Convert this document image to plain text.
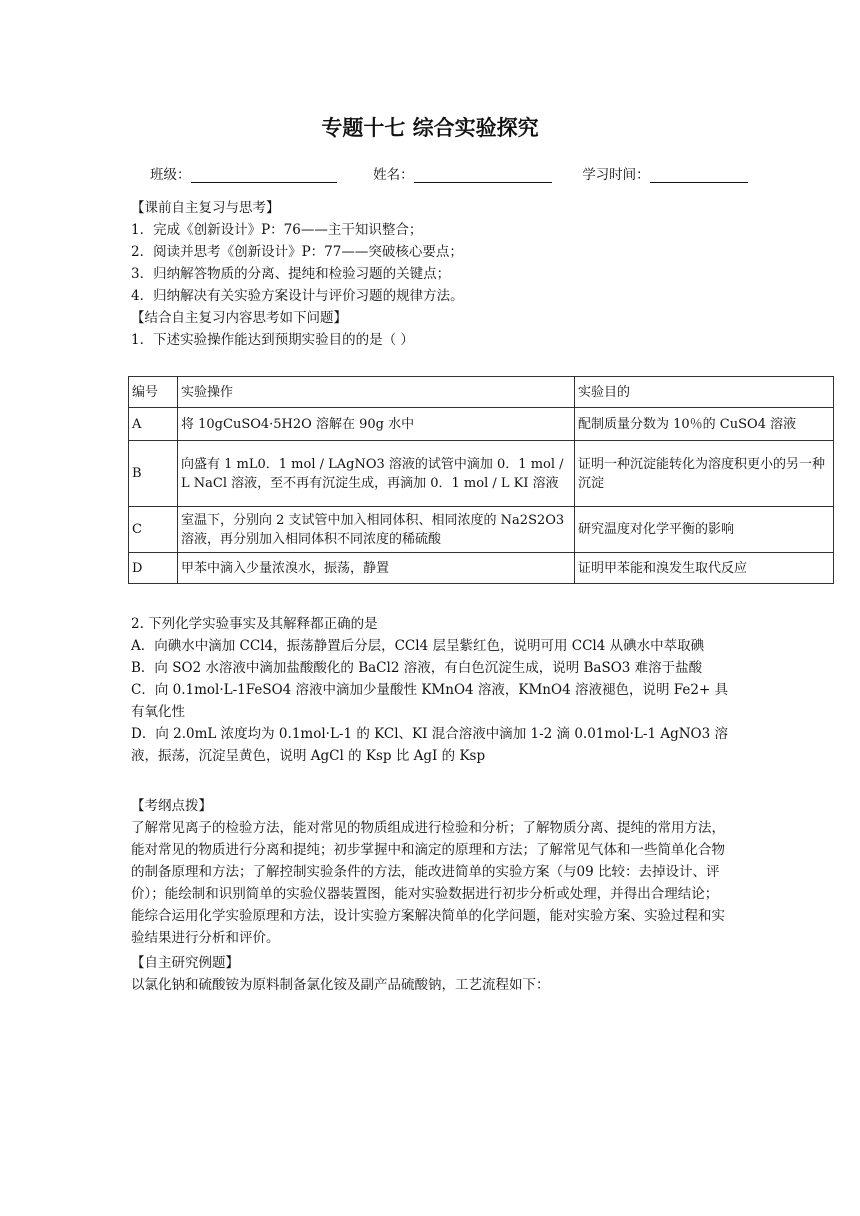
专题十七 综合实验探究
班级：	姓名：	学习时间：

【课前自主复习与思考】

1．完成《创新设计》P：76——主干知识整合；

2．阅读并思考《创新设计》P：77——突破核心要点；

3．归纳解答物质的分离、提纯和检验习题的关键点；

4．归纳解决有关实验方案设计与评价习题的规律方法。

【结合自主复习内容思考如下问题】

1．下述实验操作能达到预期实验目的的是（ ）

编号	实验操作	实验目的
A	将 10gCuSO4·5H2O 溶解在 90g 水中	配制质量分数为 10％的 CuSO4 溶液
B	向盛有 1 mL0．1 mol / LAgNO3 溶液的试管中滴加 0．1 mol / L NaCl 溶液，至不再有沉淀生成，再滴加 0．1 mol / L KI 溶液	证明一种沉淀能转化为溶度积更小的另一种沉淀
C	室温下，分别向 2 支试管中加入相同体积、相同浓度的 Na2S2O3 溶液，再分别加入相同体积不同浓度的稀硫酸	研究温度对化学平衡的影响
D	甲苯中滴入少量浓溴水，振荡，静置	证明甲苯能和溴发生取代反应

2. 下列化学实验事实及其解释都正确的是

A．向碘水中滴加 CCl4，振荡静置后分层，CCl4 层呈紫红色，说明可用 CCl4 从碘水中萃取碘

B．向 SO2 水溶液中滴加盐酸酸化的 BaCl2 溶液，有白色沉淀生成，说明 BaSO3 难溶于盐酸

C．向 0.1mol·L-1FeSO4 溶液中滴加少量酸性 KMnO4 溶液，KMnO4 溶液褪色，说明 Fe2+ 具有氧化性

D．向 2.0mL 浓度均为 0.1mol·L-1 的 KCl、KI 混合溶液中滴加 1-2 滴 0.01mol·L-1 AgNO3 溶液，振荡，沉淀呈黄色，说明 AgCl 的 Ksp 比 AgI 的 Ksp

【考纲点拨】

了解常见离子的检验方法，能对常见的物质组成进行检验和分析；了解物质分离、提纯的常用方法，能对常见的物质进行分离和提纯；初步掌握中和滴定的原理和方法；了解常见气体和一些简单化合物的制备原理和方法；了解控制实验条件的方法，能改进简单的实验方案（与09 比较：去掉设计、评价）；能绘制和识别简单的实验仪器装置图，能对实验数据进行初步分析或处理，并得出合理结论；能综合运用化学实验原理和方法，设计实验方案解决简单的化学问题，能对实验方案、实验过程和实验结果进行分析和评价。

【自主研究例题】

以氯化钠和硫酸铵为原料制备氯化铵及副产品硫酸钠，工艺流程如下：
